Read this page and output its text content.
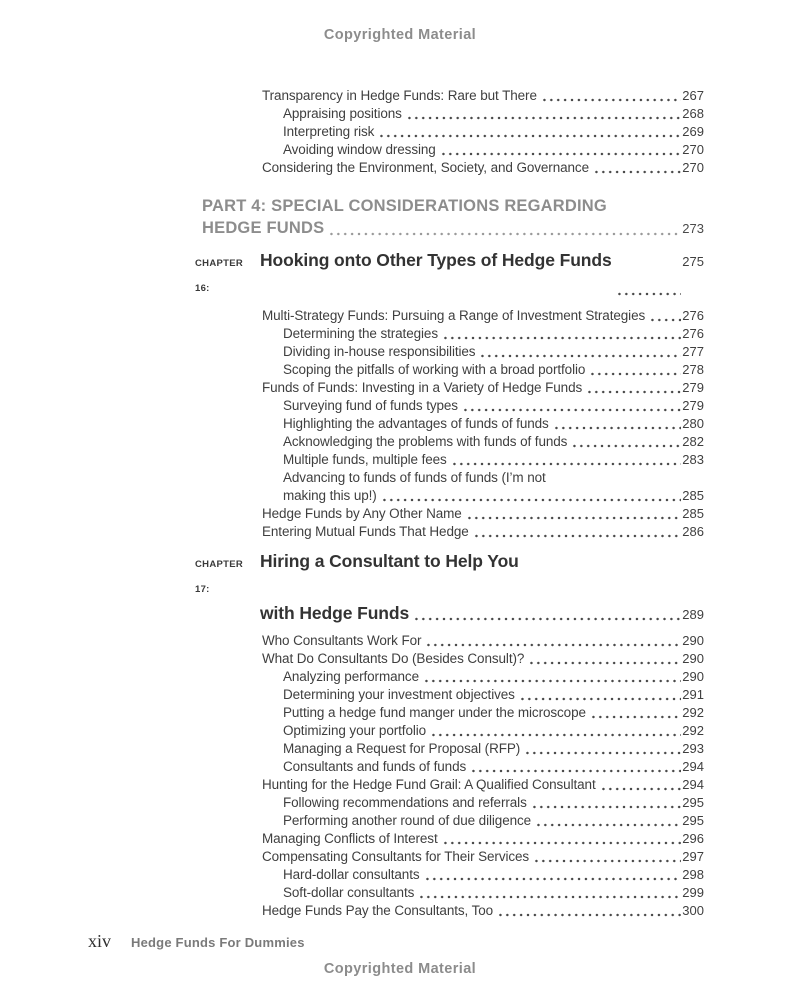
Copyrighted Material
Transparency in Hedge Funds: Rare but There	267
Appraising positions	268
Interpreting risk	269
Avoiding window dressing	270
Considering the Environment, Society, and Governance	270
PART 4: SPECIAL CONSIDERATIONS REGARDING
HEDGE FUNDS	273
CHAPTER 16:
Hooking onto Other Types of Hedge Funds	275
Multi-Strategy Funds: Pursuing a Range of Investment Strategies	276
Determining the strategies	276
Dividing in-house responsibilities	277
Scoping the pitfalls of working with a broad portfolio	278
Funds of Funds: Investing in a Variety of Hedge Funds	279
Surveying fund of funds types	279
Highlighting the advantages of funds of funds	280
Acknowledging the problems with funds of funds	282
Multiple funds, multiple fees	283
Advancing to funds of funds of funds (I’m not
making this up!)	285
Hedge Funds by Any Other Name	285
Entering Mutual Funds That Hedge	286
CHAPTER 17:
Hiring a Consultant to Help You
with Hedge Funds	289
Who Consultants Work For	290
What Do Consultants Do (Besides Consult)?	290
Analyzing performance	290
Determining your investment objectives	291
Putting a hedge fund manger under the microscope	292
Optimizing your portfolio	292
Managing a Request for Proposal (RFP)	293
Consultants and funds of funds	294
Hunting for the Hedge Fund Grail: A Qualified Consultant	294
Following recommendations and referrals	295
Performing another round of due diligence	295
Managing Conflicts of Interest	296
Compensating Consultants for Their Services	297
Hard-dollar consultants	298
Soft-dollar consultants	299
Hedge Funds Pay the Consultants, Too	300
xiv Hedge Funds For Dummies
Copyrighted Material
